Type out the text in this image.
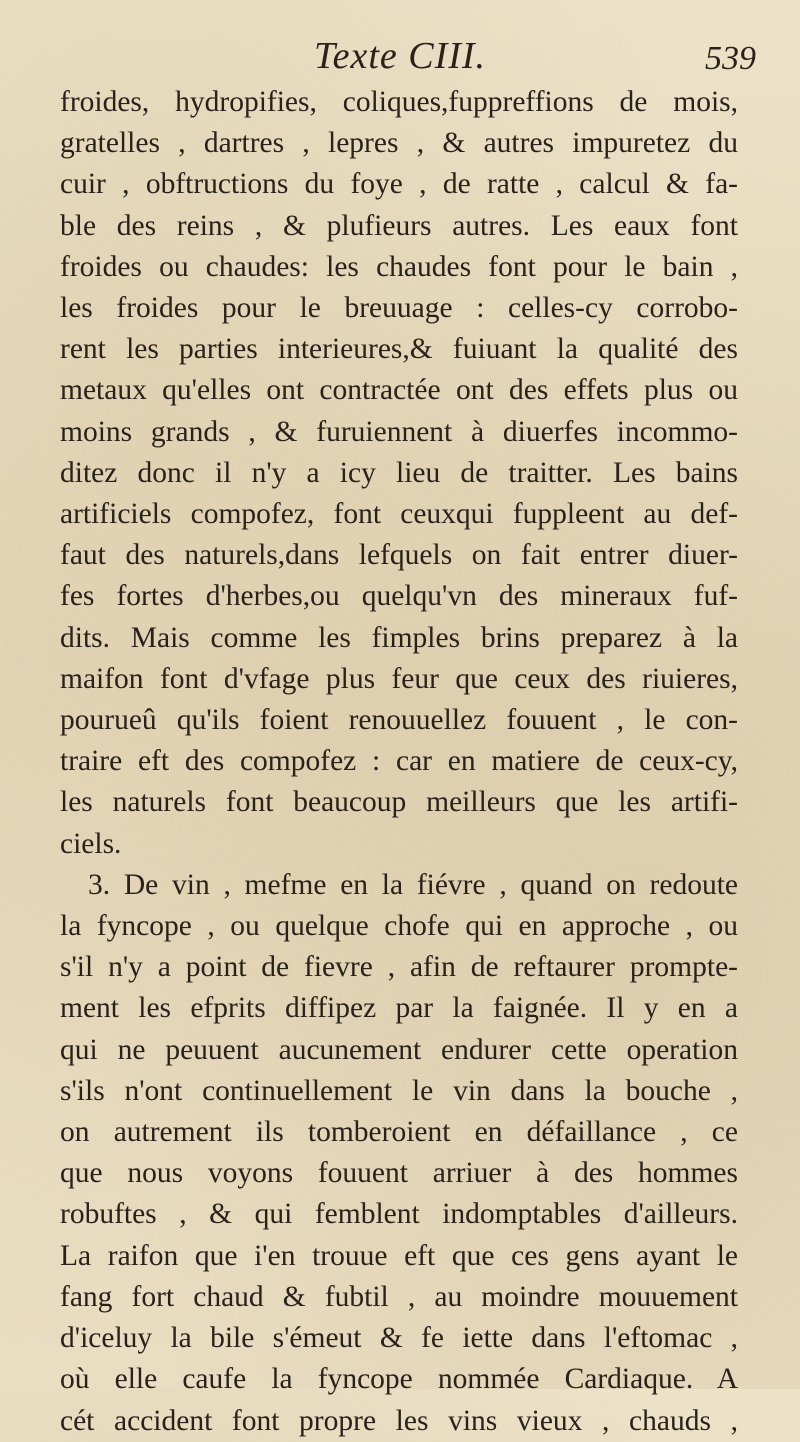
Texte CIII.	539
froides, hydropifies, coliques,fuppreffions de mois,
gratelles , dartres , lepres , & autres impuretez du
cuir , obftructions du foye , de ratte , calcul & fa-
ble des reins , & plufieurs autres. Les eaux font
froides ou chaudes: les chaudes font pour le bain ,
les froides pour le breuuage : celles-cy corrobo-
rent les parties interieures,& fuiuant la qualité des
metaux qu'elles ont contractée ont des effets plus ou
moins grands , & furuiennent à diuerfes incommo-
ditez donc il n'y a icy lieu de traitter. Les bains
artificiels compofez, font ceuxqui fuppleent au def-
faut des naturels,dans lefquels on fait entrer diuer-
fes fortes d'herbes,ou quelqu'vn des mineraux fuf-
dits. Mais comme les fimples brins preparez à la
maifon font d'vfage plus feur que ceux des riuieres,
pourueû qu'ils foient renouuellez fouuent , le con-
traire eft des compofez : car en matiere de ceux-cy,
les naturels font beaucoup meilleurs que les artifi-
ciels.
3. De vin , mefme en la fiévre , quand on redoute
la fyncope , ou quelque chofe qui en approche , ou
s'il n'y a point de fievre , afin de reftaurer prompte-
ment les efprits diffipez par la faignée. Il y en a
qui ne peuuent aucunement endurer cette operation
s'ils n'ont continuellement le vin dans la bouche ,
on autrement ils tomberoient en défaillance , ce
que nous voyons fouuent arriuer à des hommes
robuftes , & qui femblent indomptables d'ailleurs.
La raifon que i'en trouue eft que ces gens ayant le
fang fort chaud & fubtil , au moindre mouuement
d'iceluy la bile s'émeut & fe iette dans l'eftomac ,
où elle caufe la fyncope nommée Cardiaque. A
cét accident font propre les vins vieux , chauds ,
